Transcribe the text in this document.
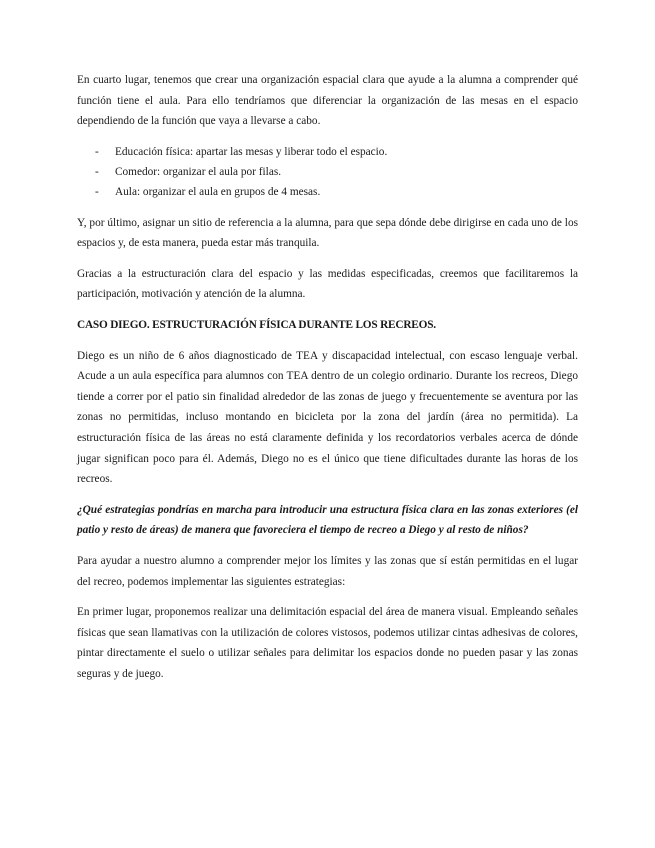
En cuarto lugar, tenemos que crear una organización espacial clara que ayude a la alumna a comprender qué función tiene el aula. Para ello tendríamos que diferenciar la organización de las mesas en el espacio dependiendo de la función que vaya a llevarse a cabo.

- Educación física: apartar las mesas y liberar todo el espacio.
- Comedor: organizar el aula por filas.
- Aula: organizar el aula en grupos de 4 mesas.

Y, por último, asignar un sitio de referencia a la alumna, para que sepa dónde debe dirigirse en cada uno de los espacios y, de esta manera, pueda estar más tranquila.

Gracias a la estructuración clara del espacio y las medidas especificadas, creemos que facilitaremos la participación, motivación y atención de la alumna.

CASO DIEGO. ESTRUCTURACIÓN FÍSICA DURANTE LOS RECREOS.

Diego es un niño de 6 años diagnosticado de TEA y discapacidad intelectual, con escaso lenguaje verbal. Acude a un aula específica para alumnos con TEA dentro de un colegio ordinario. Durante los recreos, Diego tiende a correr por el patio sin finalidad alrededor de las zonas de juego y frecuentemente se aventura por las zonas no permitidas, incluso montando en bicicleta por la zona del jardín (área no permitida). La estructuración física de las áreas no está claramente definida y los recordatorios verbales acerca de dónde jugar significan poco para él. Además, Diego no es el único que tiene dificultades durante las horas de los recreos.

¿Qué estrategias pondrías en marcha para introducir una estructura física clara en las zonas exteriores (el patio y resto de áreas) de manera que favoreciera el tiempo de recreo a Diego y al resto de niños?

Para ayudar a nuestro alumno a comprender mejor los límites y las zonas que sí están permitidas en el lugar del recreo, podemos implementar las siguientes estrategias:

En primer lugar, proponemos realizar una delimitación espacial del área de manera visual. Empleando señales físicas que sean llamativas con la utilización de colores vistosos, podemos utilizar cintas adhesivas de colores, pintar directamente el suelo o utilizar señales para delimitar los espacios donde no pueden pasar y las zonas seguras y de juego.
